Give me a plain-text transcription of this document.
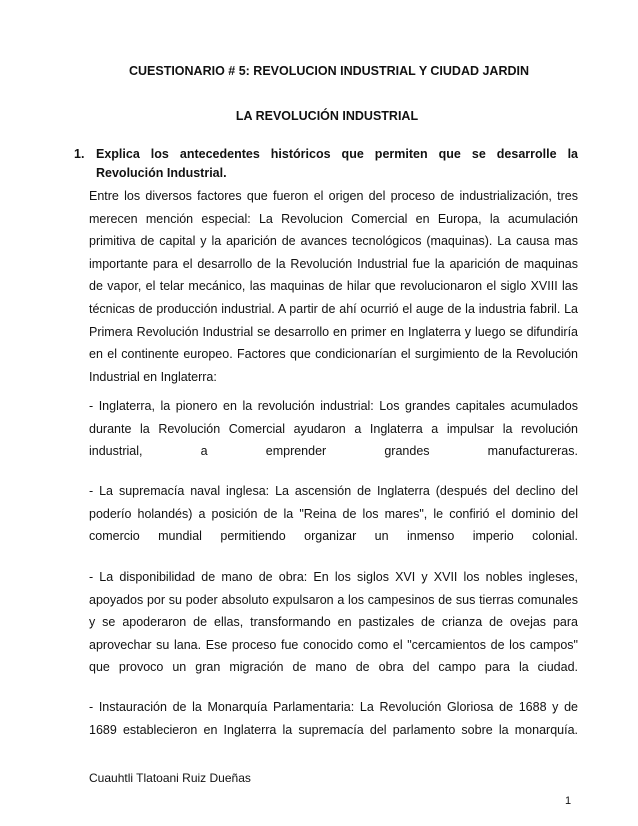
CUESTIONARIO # 5: REVOLUCION INDUSTRIAL Y CIUDAD JARDIN
LA REVOLUCIÓN INDUSTRIAL
1. Explica los antecedentes históricos que permiten que se desarrolle la
Revolución Industrial.
Entre los diversos factores que fueron el origen del proceso de industrialización, tres
merecen mención especial: La Revolucion Comercial en Europa, la acumulación
primitiva de capital y la aparición de avances tecnológicos (maquinas). La causa mas
importante para el desarrollo de la Revolución Industrial fue la aparición de maquinas
de vapor, el telar mecánico, las maquinas de hilar que revolucionaron el siglo XVIII las
técnicas de producción industrial. A partir de ahí ocurrió el auge de la industria fabril. La
Primera Revolución Industrial se desarrollo en primer en Inglaterra y luego se difundiría
en el continente europeo. Factores que condicionarían el surgimiento de la Revolución
Industrial en Inglaterra:
- Inglaterra, la pionero en la revolución industrial: Los grandes capitales acumulados
durante la Revolución Comercial ayudaron a Inglaterra a impulsar la revolución
industrial, a emprender grandes manufactureras.
- La supremacía naval inglesa: La ascensión de Inglaterra (después del declino del
poderío holandés) a posición de la "Reina de los mares", le confirió el dominio del
comercio mundial permitiendo organizar un inmenso imperio colonial.
- La disponibilidad de mano de obra: En los siglos XVI y XVII los nobles ingleses,
apoyados por su poder absoluto expulsaron a los campesinos de sus tierras comunales
y se apoderaron de ellas, transformando en pastizales de crianza de ovejas para
aprovechar su lana. Ese proceso fue conocido como el "cercamientos de los campos"
que provoco un gran migración de mano de obra del campo para la ciudad.
- Instauración de la Monarquía Parlamentaria: La Revolución Gloriosa de 1688 y de
1689 establecieron en Inglaterra la supremacía del parlamento sobre la monarquía.
Cuauhtli Tlatoani Ruiz Dueñas
1
